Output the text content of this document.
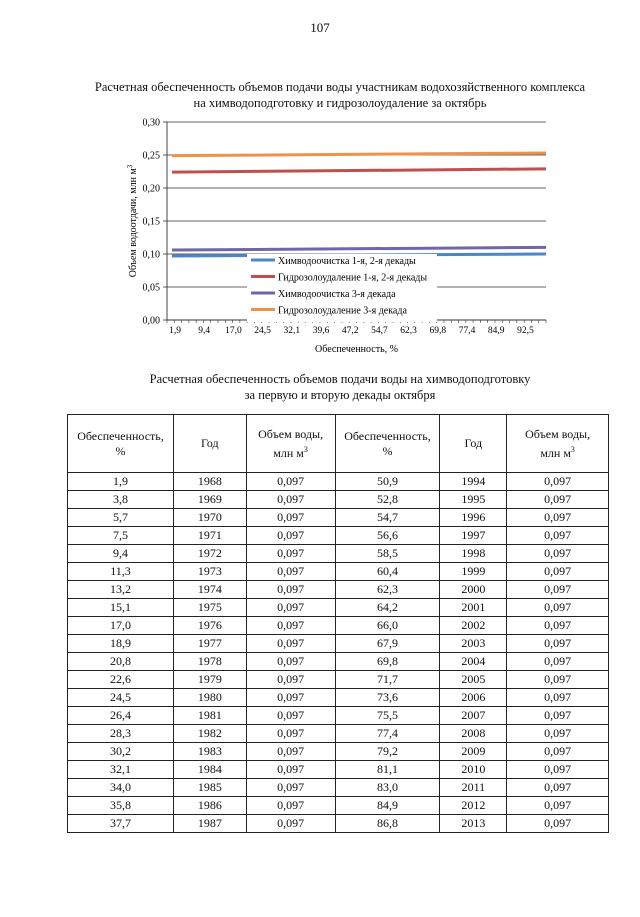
107
Расчетная обеспеченность объемов подачи воды участникам водохозяйственного комплекса
на химводоподготовку и гидрозолоудаление за октябрь
0,00
0,05
0,10
0,15
0,20
0,25
0,30
1,9 9,4 17,0 24,5 32,1 39,6 47,2 54,7 62,3 69,8 77,4 84,9 92,5
Обеспеченность, %
Объем водоотдачи, млн $м^3$
Химводоочистка 1-я, 2-я декады
Гидрозолоудаление 1-я, 2-я декады
Химводоочистка 3-я декада
Гидрозолоудаление 3-я декада
Расчетная обеспеченность объемов подачи воды на химводоподготовку
за первую и вторую декады октября
Обеспеченность,
%	Год	Объем воды,
млн $м^3$	Обеспеченность,
%	Год	Объем воды,
млн $м^3$
1,9	1968	0,097	50,9	1994	0,097
3,8	1969	0,097	52,8	1995	0,097
5,7	1970	0,097	54,7	1996	0,097
7,5	1971	0,097	56,6	1997	0,097
9,4	1972	0,097	58,5	1998	0,097
11,3	1973	0,097	60,4	1999	0,097
13,2	1974	0,097	62,3	2000	0,097
15,1	1975	0,097	64,2	2001	0,097
17,0	1976	0,097	66,0	2002	0,097
18,9	1977	0,097	67,9	2003	0,097
20,8	1978	0,097	69,8	2004	0,097
22,6	1979	0,097	71,7	2005	0,097
24,5	1980	0,097	73,6	2006	0,097
26,4	1981	0,097	75,5	2007	0,097
28,3	1982	0,097	77,4	2008	0,097
30,2	1983	0,097	79,2	2009	0,097
32,1	1984	0,097	81,1	2010	0,097
34,0	1985	0,097	83,0	2011	0,097
35,8	1986	0,097	84,9	2012	0,097
37,7	1987	0,097	86,8	2013	0,097
